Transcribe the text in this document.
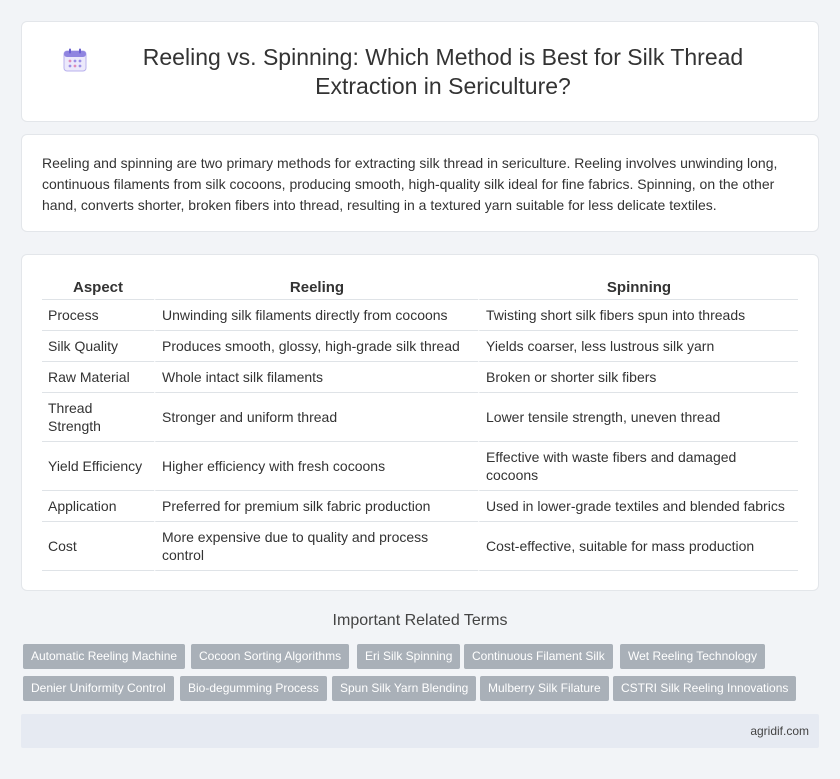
Reeling vs. Spinning: Which Method is Best for Silk Thread Extraction in Sericulture?

Reeling and spinning are two primary methods for extracting silk thread in sericulture. Reeling involves unwinding long, continuous filaments from silk cocoons, producing smooth, high-quality silk ideal for fine fabrics. Spinning, on the other hand, converts shorter, broken fibers into thread, resulting in a textured yarn suitable for less delicate textiles.

Aspect	Reeling	Spinning
Process	Unwinding silk filaments directly from cocoons	Twisting short silk fibers spun into threads
Silk Quality	Produces smooth, glossy, high-grade silk thread	Yields coarser, less lustrous silk yarn
Raw Material	Whole intact silk filaments	Broken or shorter silk fibers
Thread Strength	Stronger and uniform thread	Lower tensile strength, uneven thread
Yield Efficiency	Higher efficiency with fresh cocoons	Effective with waste fibers and damaged cocoons
Application	Preferred for premium silk fabric production	Used in lower-grade textiles and blended fabrics
Cost	More expensive due to quality and process control	Cost-effective, suitable for mass production
Important Related Terms
Automatic Reeling Machine	Cocoon Sorting Algorithms	Eri Silk Spinning	Continuous Filament Silk	Wet Reeling Technology
Denier Uniformity Control	Bio-degumming Process	Spun Silk Yarn Blending	Mulberry Silk Filature	CSTRI Silk Reeling Innovations
agridif.com
